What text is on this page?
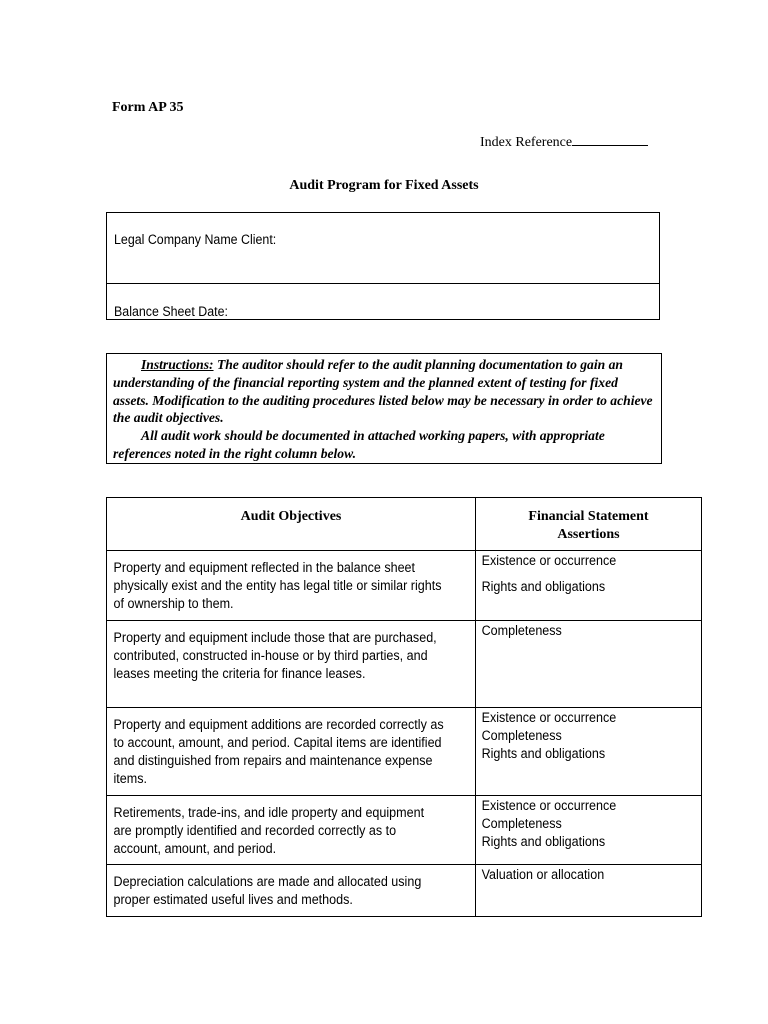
Form AP 35
Index Reference
Audit Program for Fixed Assets
Legal Company Name Client:
Balance Sheet Date:

Instructions: The auditor should refer to the audit planning documentation to gain an understanding of the financial reporting system and the planned extent of testing for fixed assets. Modification to the auditing procedures listed below may be necessary in order to achieve the audit objectives.

All audit work should be documented in attached working papers, with appropriate references noted in the right column below.

Audit Objectives	Financial Statement Assertions

Property and equipment reflected in the balance sheet physically exist and the entity has legal title or similar rights of ownership to them.	Existence or occurrence
Rights and obligations

Property and equipment include those that are purchased, contributed, constructed in-house or by third parties, and leases meeting the criteria for finance leases.	Completeness

Property and equipment additions are recorded correctly as to account, amount, and period. Capital items are identified and distinguished from repairs and maintenance expense items.	Existence or occurrence
Completeness
Rights and obligations

Retirements, trade-ins, and idle property and equipment are promptly identified and recorded correctly as to account, amount, and period.	Existence or occurrence
Completeness
Rights and obligations

Depreciation calculations are made and allocated using proper estimated useful lives and methods.	Valuation or allocation
